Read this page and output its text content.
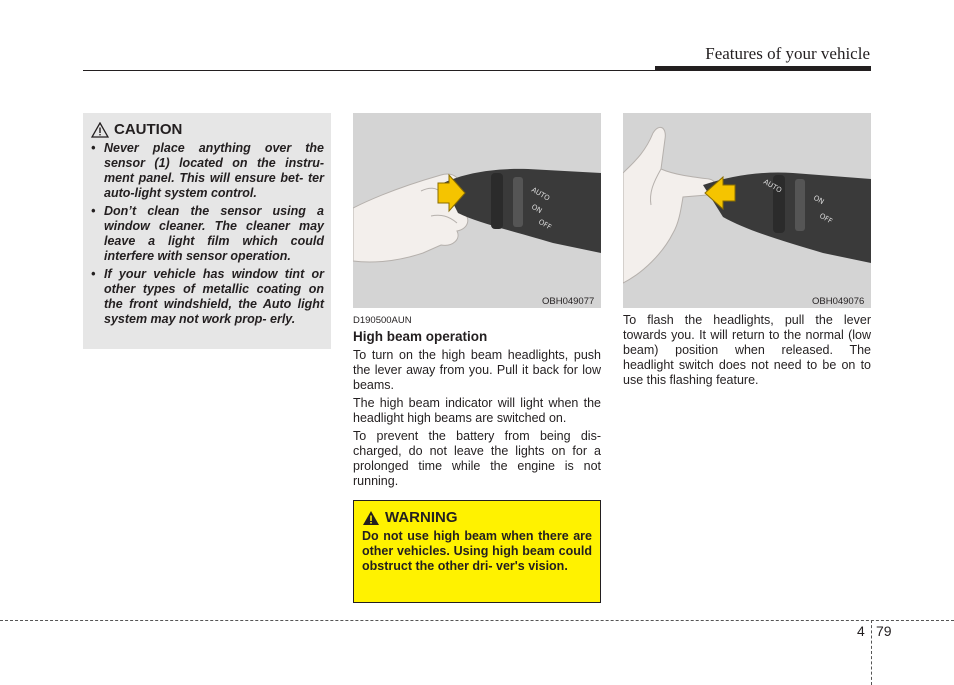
Features of your vehicle
CAUTION
• Never place anything over the sensor (1) located on the instru- ment panel. This will ensure bet- ter auto-light system control.
• Don’t clean the sensor using a window cleaner. The cleaner may leave a light film which could interfere with sensor operation.
• If your vehicle has window tint or other types of metallic coating on the front windshield, the Auto light system may not work prop- erly.
AUTO
ON
OFF
OBH049077
AUTO
ON
OFF
OBH049076
D190500AUN
High beam operation

To turn on the high beam headlights, push the lever away from you. Pull it back for low beams.

The high beam indicator will light when the headlight high beams are switched on.

To prevent the battery from being dis- charged, do not leave the lights on for a prolonged time while the engine is not running.

To flash the headlights, pull the lever towards you. It will return to the normal (low beam) position when released. The headlight switch does not need to be on to use this flashing feature.

WARNING
Do not use high beam when there are other vehicles. Using high beam could obstruct the other dri- ver's vision.
4 79
